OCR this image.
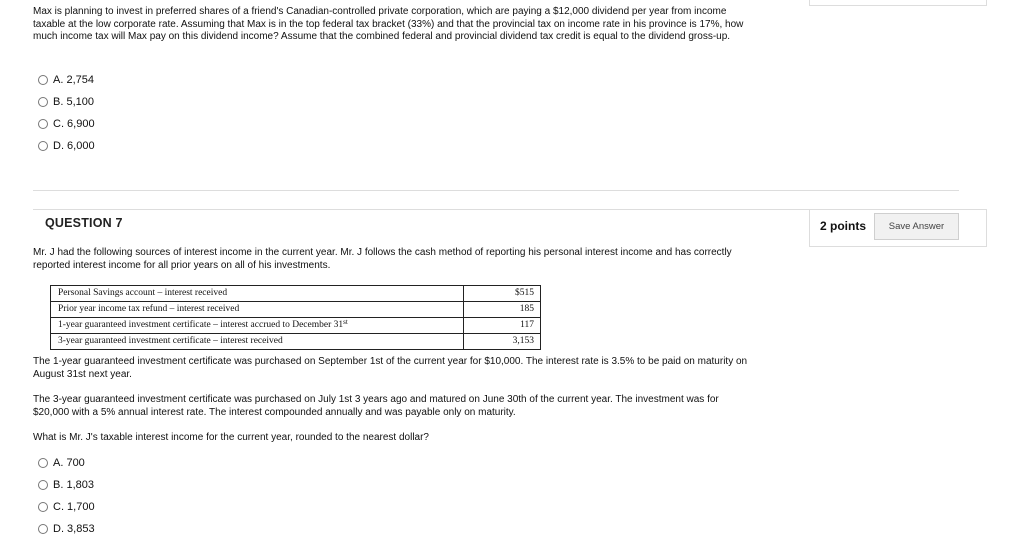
Max is planning to invest in preferred shares of a friend's Canadian-controlled private corporation, which are paying a $12,000 dividend per year from income taxable at the low corporate rate. Assuming that Max is in the top federal tax bracket (33%) and that the provincial tax on income rate in his province is 17%, how much income tax will Max pay on this dividend income? Assume that the combined federal and provincial dividend tax credit is equal to the dividend gross-up.
A. 2,754
B. 5,100
C. 6,900
D. 6,000
QUESTION 7	2 points	Save Answer
Mr. J had the following sources of interest income in the current year. Mr. J follows the cash method of reporting his personal interest income and has correctly reported interest income for all prior years on all of his investments.
Personal Savings account – interest received	$515
Prior year income tax refund – interest received	185
1-year guaranteed investment certificate – interest accrued to December 31st	117
3-year guaranteed investment certificate – interest received	3,153
The 1-year guaranteed investment certificate was purchased on September 1st of the current year for $10,000. The interest rate is 3.5% to be paid on maturity on August 31st next year.
The 3-year guaranteed investment certificate was purchased on July 1st 3 years ago and matured on June 30th of the current year. The investment was for $20,000 with a 5% annual interest rate. The interest compounded annually and was payable only on maturity.
What is Mr. J's taxable interest income for the current year, rounded to the nearest dollar?
A. 700
B. 1,803
C. 1,700
D. 3,853
